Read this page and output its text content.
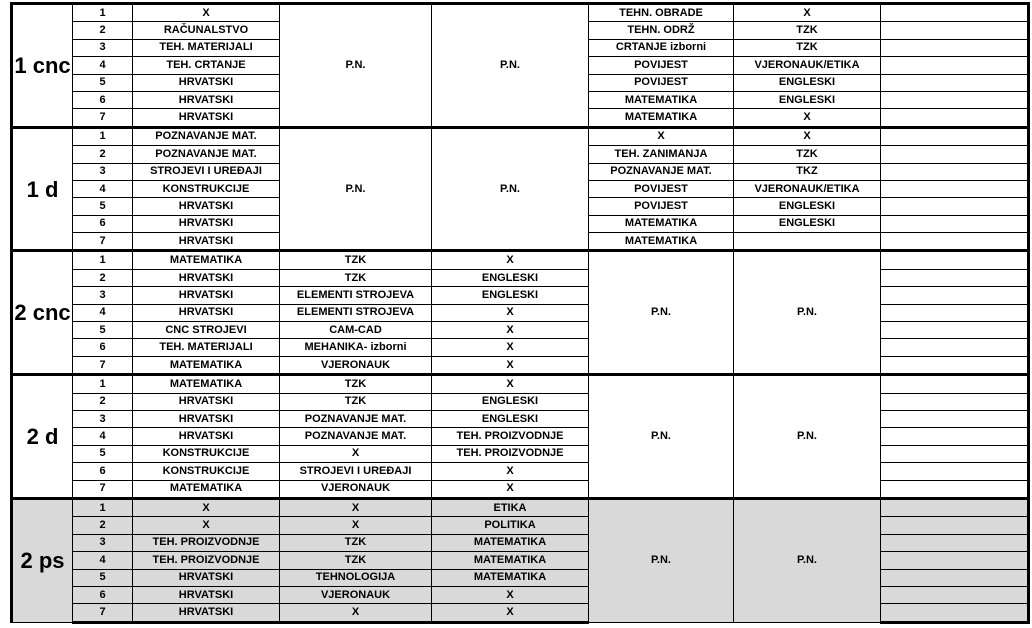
1 cnc	1	X	P.N.	P.N.	TEHN. OBRADE	X	
	2	RAČUNALSTVO			TEHN. ODRŽ	TZK	
	3	TEH. MATERIJALI			CRTANJE izborni	TZK	
	4	TEH. CRTANJE			POVIJEST	VJERONAUK/ETIKA	
	5	HRVATSKI			POVIJEST	ENGLESKI	
	6	HRVATSKI			MATEMATIKA	ENGLESKI	
	7	HRVATSKI			MATEMATIKA	X	
1 d	1	POZNAVANJE MAT.	P.N.	P.N.	X	X	
	2	POZNAVANJE MAT.			TEH. ZANIMANJA	TZK	
	3	STROJEVI I UREĐAJI			POZNAVANJE MAT.	TKZ	
	4	KONSTRUKCIJE			POVIJEST	VJERONAUK/ETIKA	
	5	HRVATSKI			POVIJEST	ENGLESKI	
	6	HRVATSKI			MATEMATIKA	ENGLESKI	
	7	HRVATSKI			MATEMATIKA		
2 cnc	1	MATEMATIKA	TZK	X	P.N.	P.N.	
	2	HRVATSKI	TZK	ENGLESKI			
	3	HRVATSKI	ELEMENTI STROJEVA	ENGLESKI			
	4	HRVATSKI	ELEMENTI STROJEVA	X			
	5	CNC STROJEVI	CAM-CAD	X			
	6	TEH. MATERIJALI	MEHANIKA- izborni	X			
	7	MATEMATIKA	VJERONAUK	X			
2 d	1	MATEMATIKA	TZK	X	P.N.	P.N.	
	2	HRVATSKI	TZK	ENGLESKI			
	3	HRVATSKI	POZNAVANJE MAT.	ENGLESKI			
	4	HRVATSKI	POZNAVANJE MAT.	TEH. PROIZVODNJE			
	5	KONSTRUKCIJE	X	TEH. PROIZVODNJE			
	6	KONSTRUKCIJE	STROJEVI I UREĐAJI	X			
	7	MATEMATIKA	VJERONAUK	X			
2 ps	1	X	X	ETIKA	P.N.	P.N.	
	2	X	X	POLITIKA			
	3	TEH. PROIZVODNJE	TZK	MATEMATIKA			
	4	TEH. PROIZVODNJE	TZK	MATEMATIKA			
	5	HRVATSKI	TEHNOLOGIJA	MATEMATIKA			
	6	HRVATSKI	VJERONAUK	X			
	7	HRVATSKI	X	X			
